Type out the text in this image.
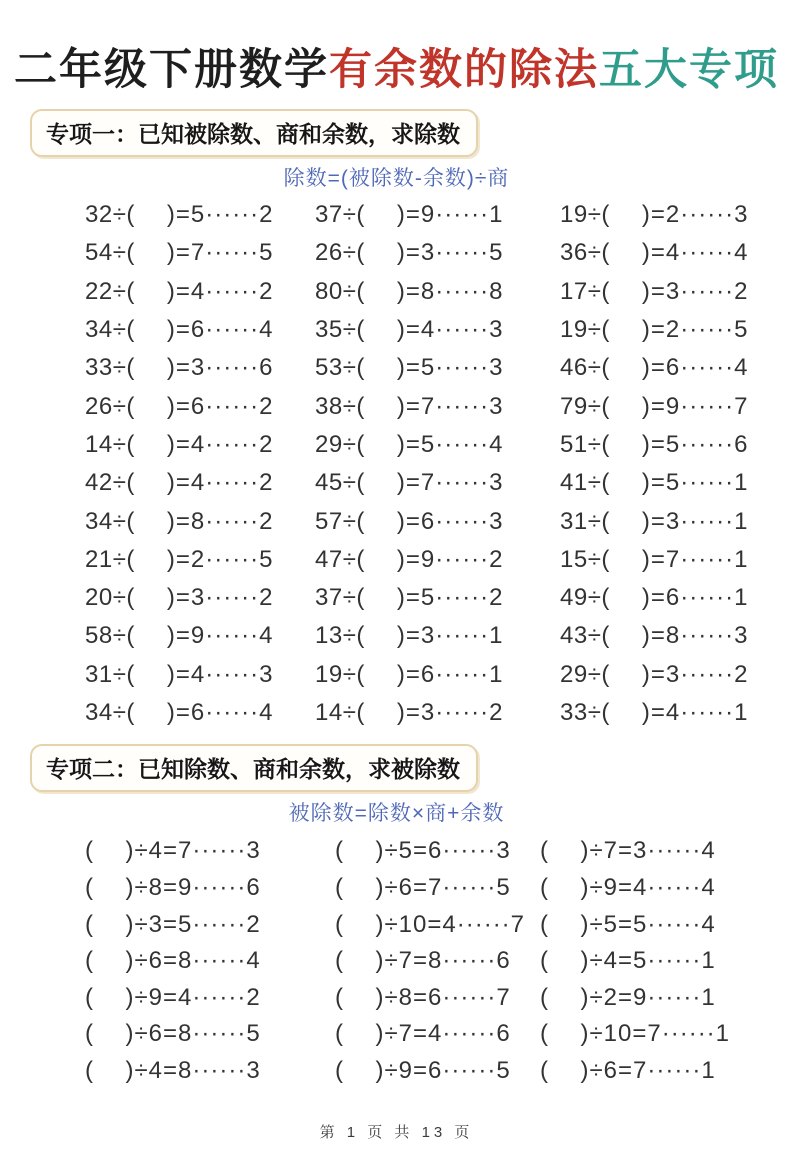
二年级下册数学有余数的除法五大专项
专项一：已知被除数、商和余数，求除数
除数=(被除数-余数)÷商
32÷( )=5······2 37÷( )=9······1 19÷( )=2······3
54÷( )=7······5 26÷( )=3······5 36÷( )=4······4
22÷( )=4······2 80÷( )=8······8 17÷( )=3······2
34÷( )=6······4 35÷( )=4······3 19÷( )=2······5
33÷( )=3······6 53÷( )=5······3 46÷( )=6······4
26÷( )=6······2 38÷( )=7······3 79÷( )=9······7
14÷( )=4······2 29÷( )=5······4 51÷( )=5······6
42÷( )=4······2 45÷( )=7······3 41÷( )=5······1
34÷( )=8······2 57÷( )=6······3 31÷( )=3······1
21÷( )=2······5 47÷( )=9······2 15÷( )=7······1
20÷( )=3······2 37÷( )=5······2 49÷( )=6······1
58÷( )=9······4 13÷( )=3······1 43÷( )=8······3
31÷( )=4······3 19÷( )=6······1 29÷( )=3······2
34÷( )=6······4 14÷( )=3······2 33÷( )=4······1
专项二：已知除数、商和余数，求被除数
被除数=除数×商+余数
( )÷4=7······3	( )÷5=6······3 ( )÷7=3······4
( )÷8=9······6	( )÷6=7······5 ( )÷9=4······4
( )÷3=5······2	( )÷10=4······7 ( )÷5=5······4
( )÷6=8······4	( )÷7=8······6 ( )÷4=5······1
( )÷9=4······2	( )÷8=6······7 ( )÷2=9······1
( )÷6=8······5	( )÷7=4······6 ( )÷10=7······1
( )÷4=8······3	( )÷9=6······5 ( )÷6=7······1
第 1 页 共 13 页
